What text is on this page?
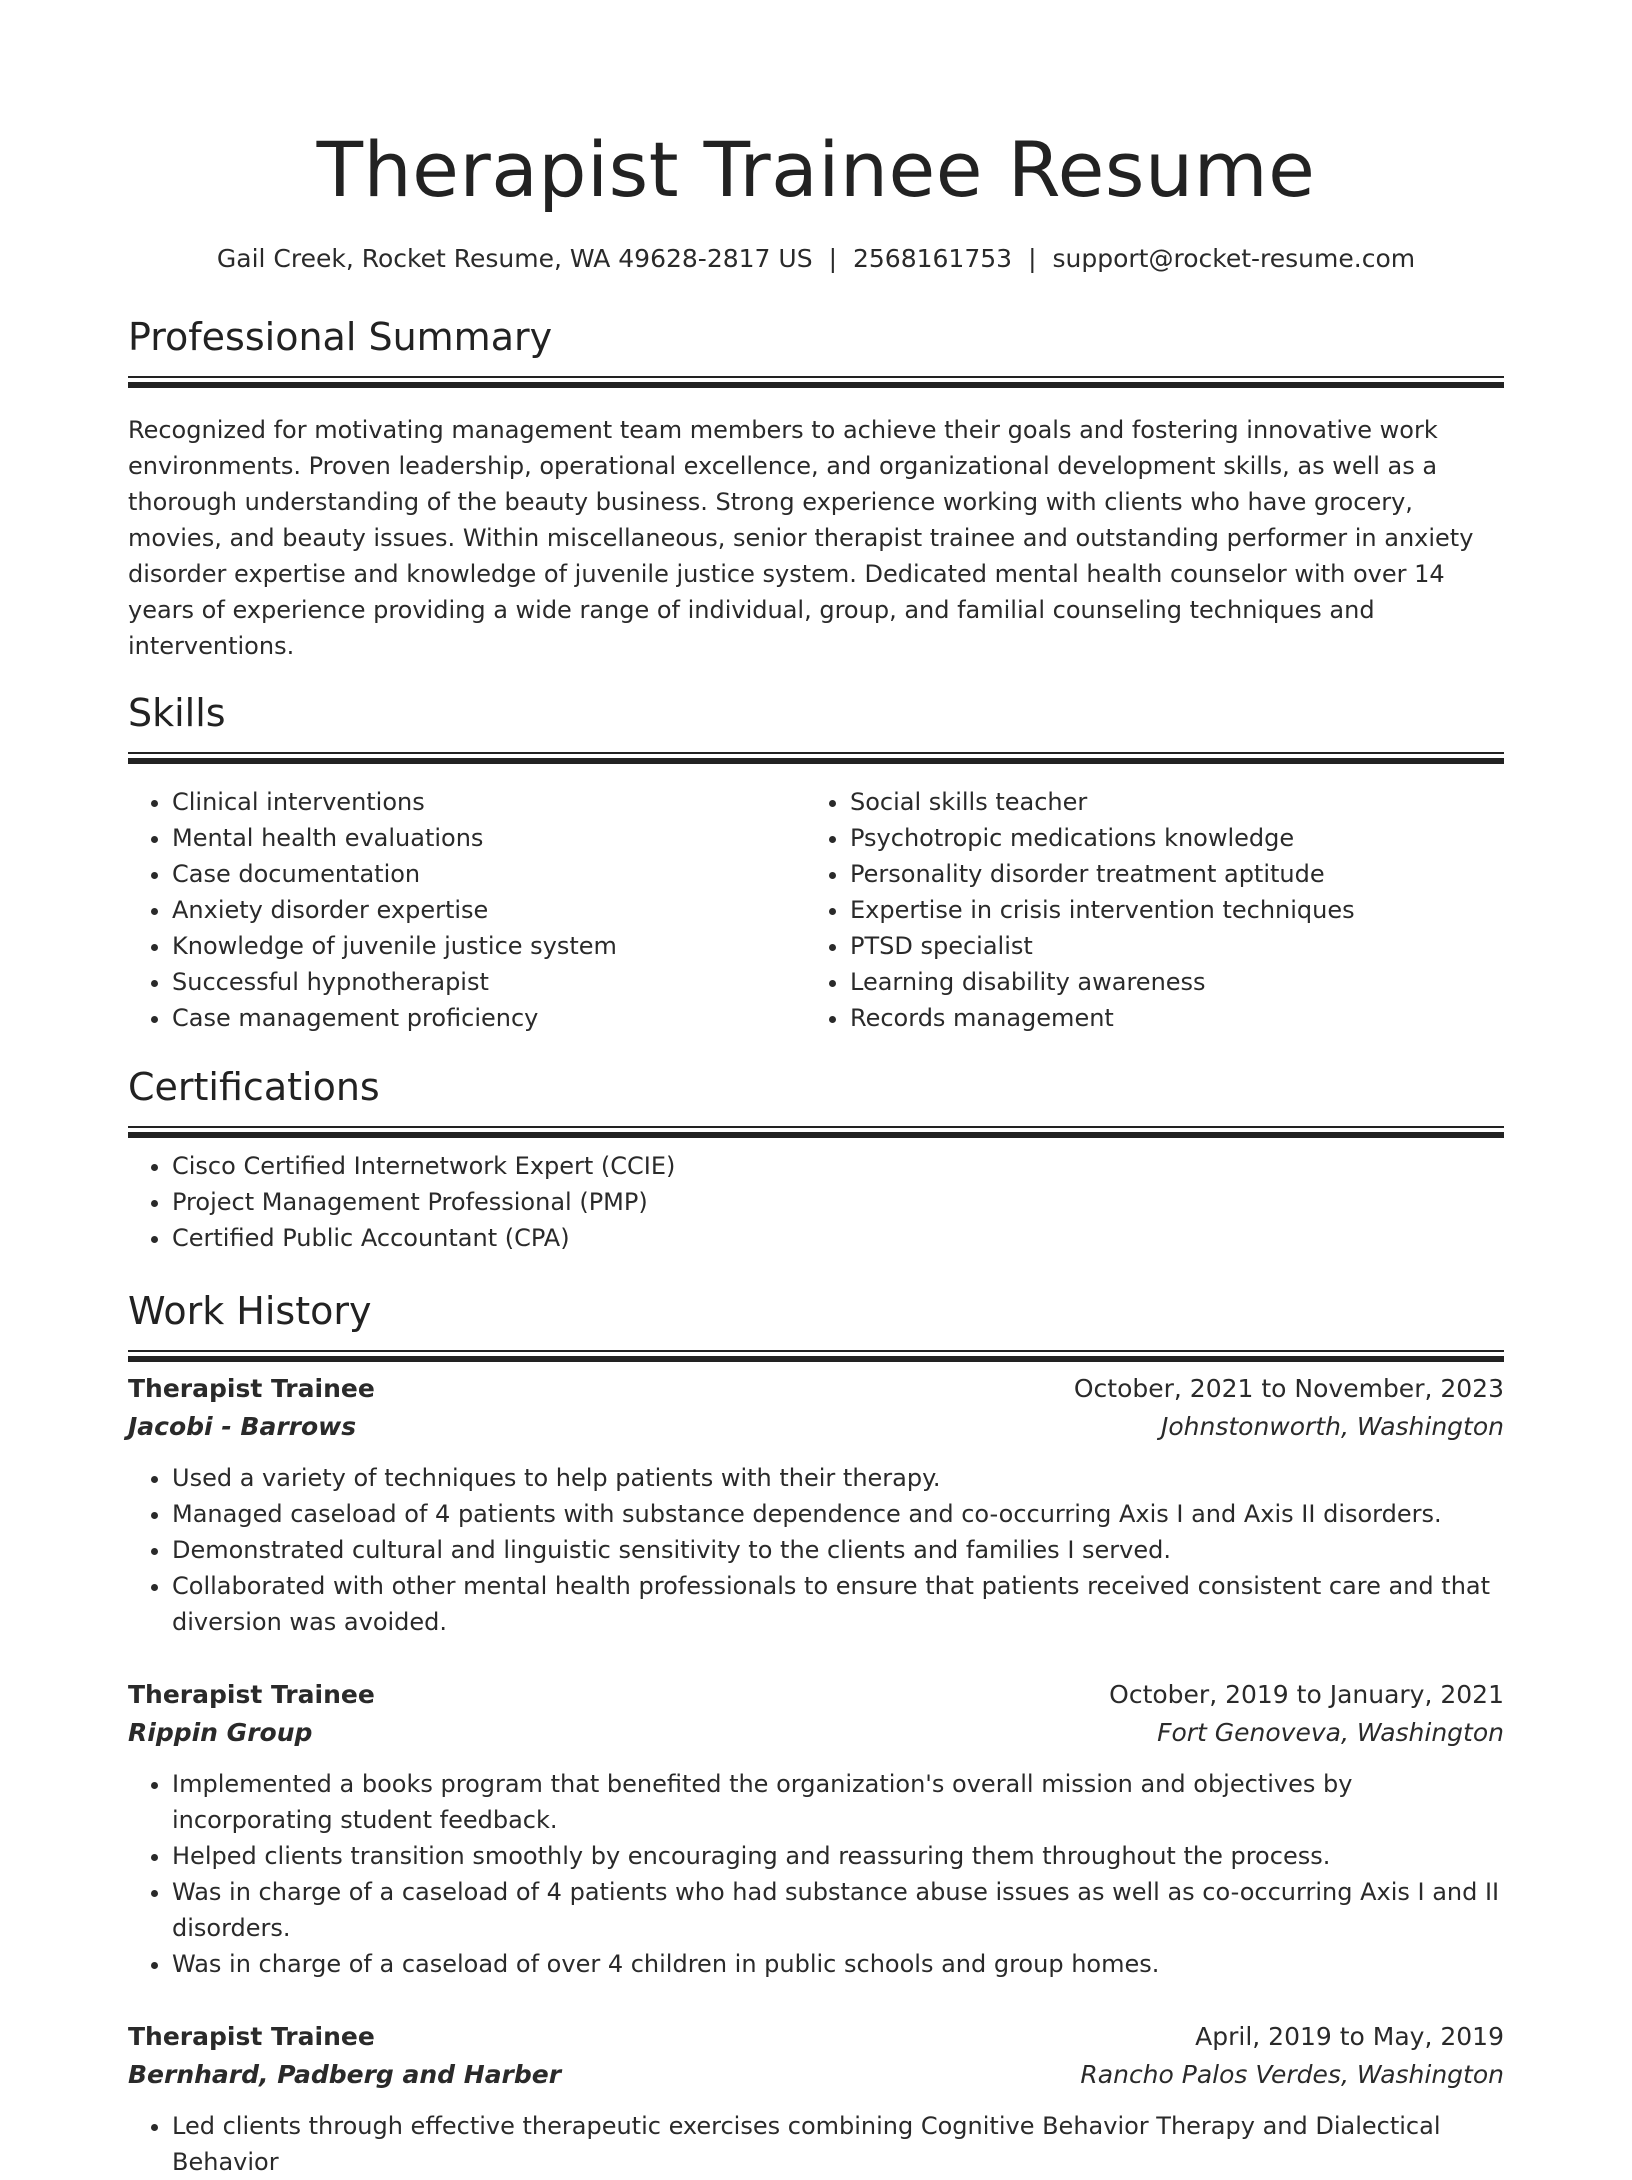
Therapist Trainee Resume
Gail Creek, Rocket Resume, WA 49628-2817 US | 2568161753 | support@rocket-resume.com
Professional Summary

Recognized for motivating management team members to achieve their goals and fostering innovative work environments. Proven leadership, operational excellence, and organizational development skills, as well as a thorough understanding of the beauty business. Strong experience working with clients who have grocery, movies, and beauty issues. Within miscellaneous, senior therapist trainee and outstanding performer in anxiety disorder expertise and knowledge of juvenile justice system. Dedicated mental health counselor with over 14 years of experience providing a wide range of individual, group, and familial counseling techniques and interventions.

Skills
• Clinical interventions
• Mental health evaluations
• Case documentation
• Anxiety disorder expertise
• Knowledge of juvenile justice system
• Successful hypnotherapist
• Case management proficiency
• Social skills teacher
• Psychotropic medications knowledge
• Personality disorder treatment aptitude
• Expertise in crisis intervention techniques
• PTSD specialist
• Learning disability awareness
• Records management
Certifications
• Cisco Certified Internetwork Expert (CCIE)
• Project Management Professional (PMP)
• Certified Public Accountant (CPA)
Work History
Therapist Trainee	October, 2021 to November, 2023
Jacobi - Barrows	Johnstonworth, Washington
• Used a variety of techniques to help patients with their therapy.
• Managed caseload of 4 patients with substance dependence and co-occurring Axis I and Axis II disorders.
• Demonstrated cultural and linguistic sensitivity to the clients and families I served.
• Collaborated with other mental health professionals to ensure that patients received consistent care and that diversion was avoided.
Therapist Trainee	October, 2019 to January, 2021
Rippin Group	Fort Genoveva, Washington
• Implemented a books program that benefited the organization's overall mission and objectives by incorporating student feedback.
• Helped clients transition smoothly by encouraging and reassuring them throughout the process.
• Was in charge of a caseload of 4 patients who had substance abuse issues as well as co-occurring Axis I and II disorders.
• Was in charge of a caseload of over 4 children in public schools and group homes.
Therapist Trainee	April, 2019 to May, 2019
Bernhard, Padberg and Harber	Rancho Palos Verdes, Washington
• Led clients through effective therapeutic exercises combining Cognitive Behavior Therapy and Dialectical Behavior
